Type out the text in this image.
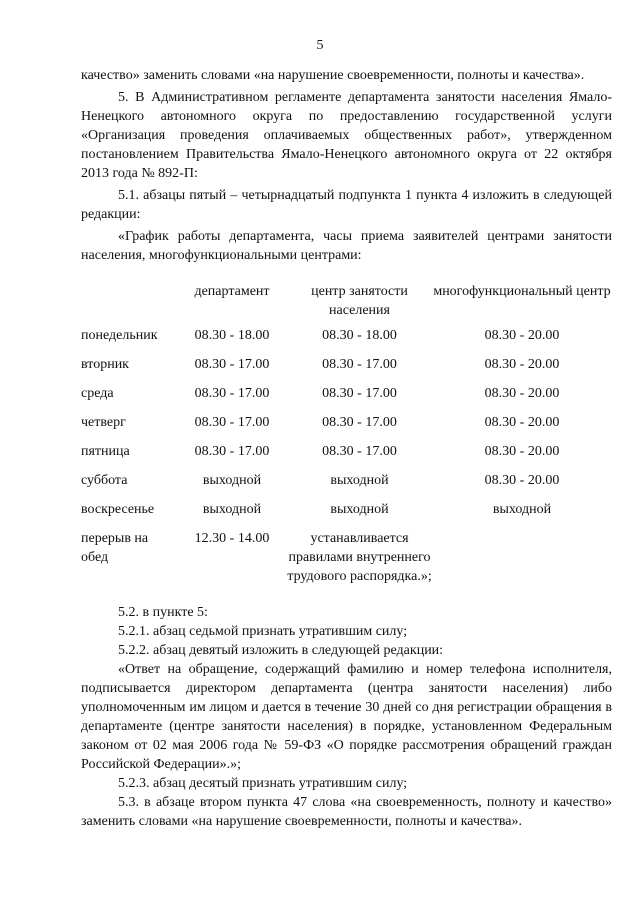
5

качество» заменить словами «на нарушение своевременности, полноты и качества».

5. В Административном регламенте департамента занятости населения Ямало-Ненецкого автономного округа по предоставлению государственной услуги «Организация проведения оплачиваемых общественных работ», утвержденном постановлением Правительства Ямало-Ненецкого автономного округа от 22 октября 2013 года № 892-П:

5.1. абзацы пятый – четырнадцатый подпункта 1 пункта 4 изложить в следующей редакции:

«График работы департамента, часы приема заявителей центрами занятости населения, многофункциональными центрами:

	департамент	центр занятости населения	многофункциональный центр
понедельник	08.30 - 18.00	08.30 - 18.00	08.30 - 20.00
вторник	08.30 - 17.00	08.30 - 17.00	08.30 - 20.00
среда	08.30 - 17.00	08.30 - 17.00	08.30 - 20.00
четверг	08.30 - 17.00	08.30 - 17.00	08.30 - 20.00
пятница	08.30 - 17.00	08.30 - 17.00	08.30 - 20.00
суббота	выходной	выходной	08.30 - 20.00
воскресенье	выходной	выходной	выходной
перерыв на обед	12.30 - 14.00	устанавливается правилами внутреннего трудового распорядка.»;	

5.2. в пункте 5:

5.2.1. абзац седьмой признать утратившим силу;

5.2.2. абзац девятый изложить в следующей редакции:

«Ответ на обращение, содержащий фамилию и номер телефона исполнителя, подписывается директором департамента (центра занятости населения) либо уполномоченным им лицом и дается в течение 30 дней со дня регистрации обращения в департаменте (центре занятости населения) в порядке, установленном Федеральным законом от 02 мая 2006 года № 59-ФЗ «О порядке рассмотрения обращений граждан Российской Федерации».»;

5.2.3. абзац десятый признать утратившим силу;

5.3. в абзаце втором пункта 47 слова «на своевременность, полноту и качество» заменить словами «на нарушение своевременности, полноты и качества».
